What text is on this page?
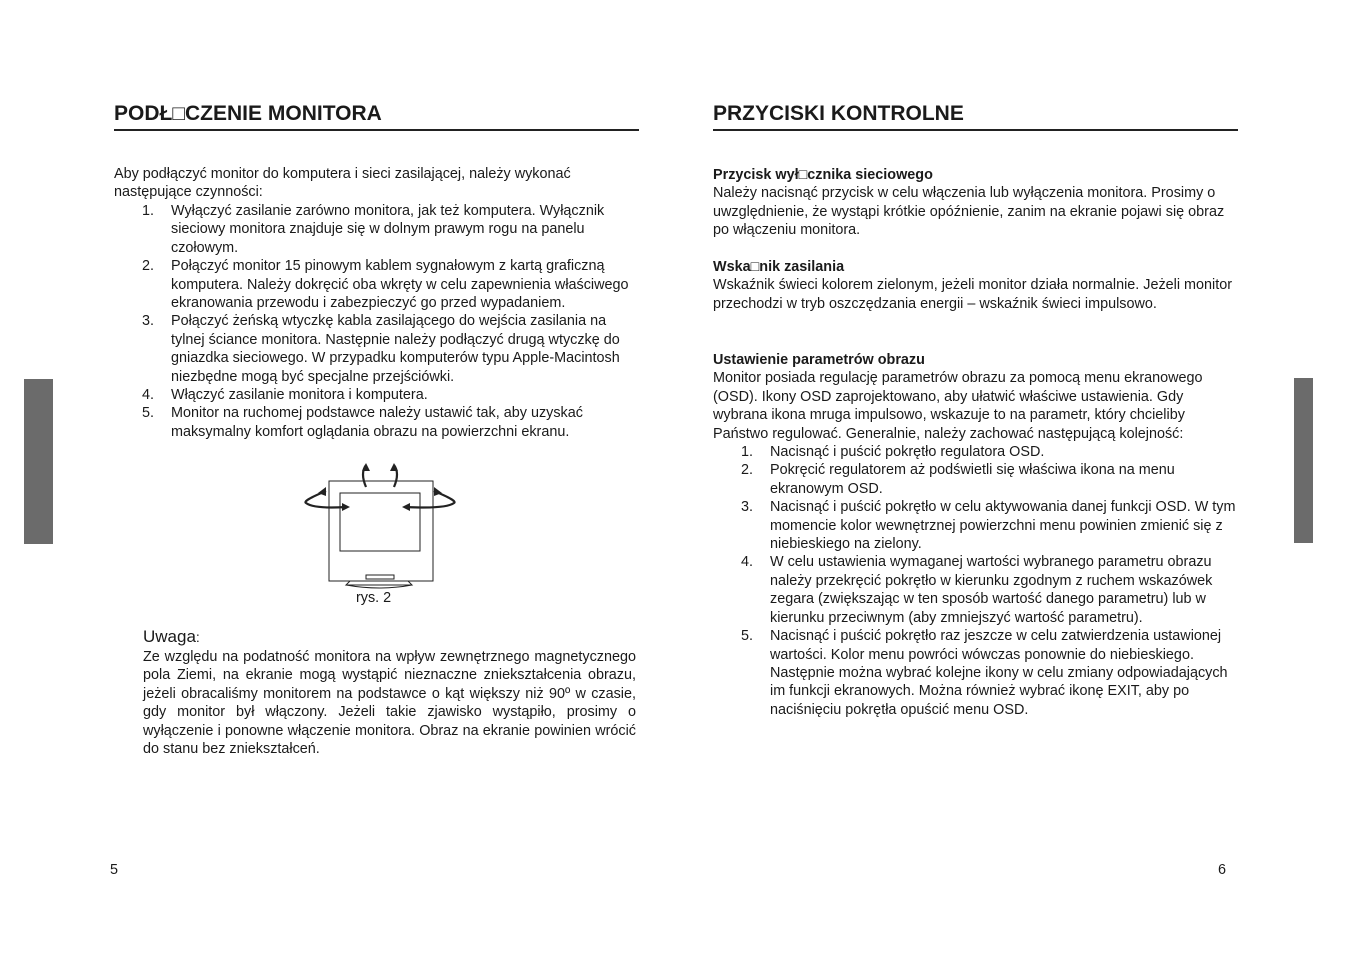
PODŁ□CZENIE MONITORA
Aby podłączyć monitor do komputera i sieci zasilającej, należy wykonać następujące czynności:
1. Wyłączyć zasilanie zarówno monitora, jak też komputera. Wyłącznik sieciowy monitora znajduje się w dolnym prawym rogu na panelu czołowym.
2. Połączyć monitor 15 pinowym kablem sygnałowym z kartą graficzną komputera. Należy dokręcić oba wkręty w celu zapewnienia właściwego ekranowania przewodu i zabezpieczyć go przed wypadaniem.
3. Połączyć żeńską wtyczkę kabla zasilającego do wejścia zasilania na tylnej ściance monitora. Następnie należy podłączyć drugą wtyczkę do gniazdka sieciowego. W przypadku komputerów typu Apple-Macintosh niezbędne mogą być specjalne przejściówki.
4. Włączyć zasilanie monitora i komputera.
5. Monitor na ruchomej podstawce należy ustawić tak, aby uzyskać maksymalny komfort oglądania obrazu na powierzchni ekranu.
rys. 2
Uwaga:
Ze względu na podatność monitora na wpływ zewnętrznego magnetycznego pola Ziemi, na ekranie mogą wystąpić nieznaczne zniekształcenia obrazu, jeżeli obracaliśmy monitorem na podstawce o kąt większy niż 90º w czasie, gdy monitor był włączony. Jeżeli takie zjawisko wystąpiło, prosimy o wyłączenie i ponowne włączenie monitora. Obraz na ekranie powinien wrócić do stanu bez zniekształceń.
5
PRZYCISKI KONTROLNE
Przycisk wył□cznika sieciowego
Należy nacisnąć przycisk w celu włączenia lub wyłączenia monitora. Prosimy o uwzględnienie, że wystąpi krótkie opóźnienie, zanim na ekranie pojawi się obraz po włączeniu monitora.
Wska□nik zasilania
Wskaźnik świeci kolorem zielonym, jeżeli monitor działa normalnie. Jeżeli monitor przechodzi w tryb oszczędzania energii – wskaźnik świeci impulsowo.
Ustawienie parametrów obrazu
Monitor posiada regulację parametrów obrazu za pomocą menu ekranowego (OSD). Ikony OSD zaprojektowano, aby ułatwić właściwe ustawienia. Gdy wybrana ikona mruga impulsowo, wskazuje to na parametr, który chcieliby Państwo regulować. Generalnie, należy zachować następującą kolejność:
1. Nacisnąć i puścić pokrętło regulatora OSD.
2. Pokręcić regulatorem aż podświetli się właściwa ikona na menu ekranowym OSD.
3. Nacisnąć i puścić pokrętło w celu aktywowania danej funkcji OSD. W tym momencie kolor wewnętrznej powierzchni menu powinien zmienić się z niebieskiego na zielony.
4. W celu ustawienia wymaganej wartości wybranego parametru obrazu należy przekręcić pokrętło w kierunku zgodnym z ruchem wskazówek zegara (zwiększając w ten sposób wartość danego parametru) lub w kierunku przeciwnym (aby zmniejszyć wartość parametru).
5. Nacisnąć i puścić pokrętło raz jeszcze w celu zatwierdzenia ustawionej wartości. Kolor menu powróci wówczas ponownie do niebieskiego. Następnie można wybrać kolejne ikony w celu zmiany odpowiadających im funkcji ekranowych. Można również wybrać ikonę EXIT, aby po naciśnięciu pokrętła opuścić menu OSD.
6
